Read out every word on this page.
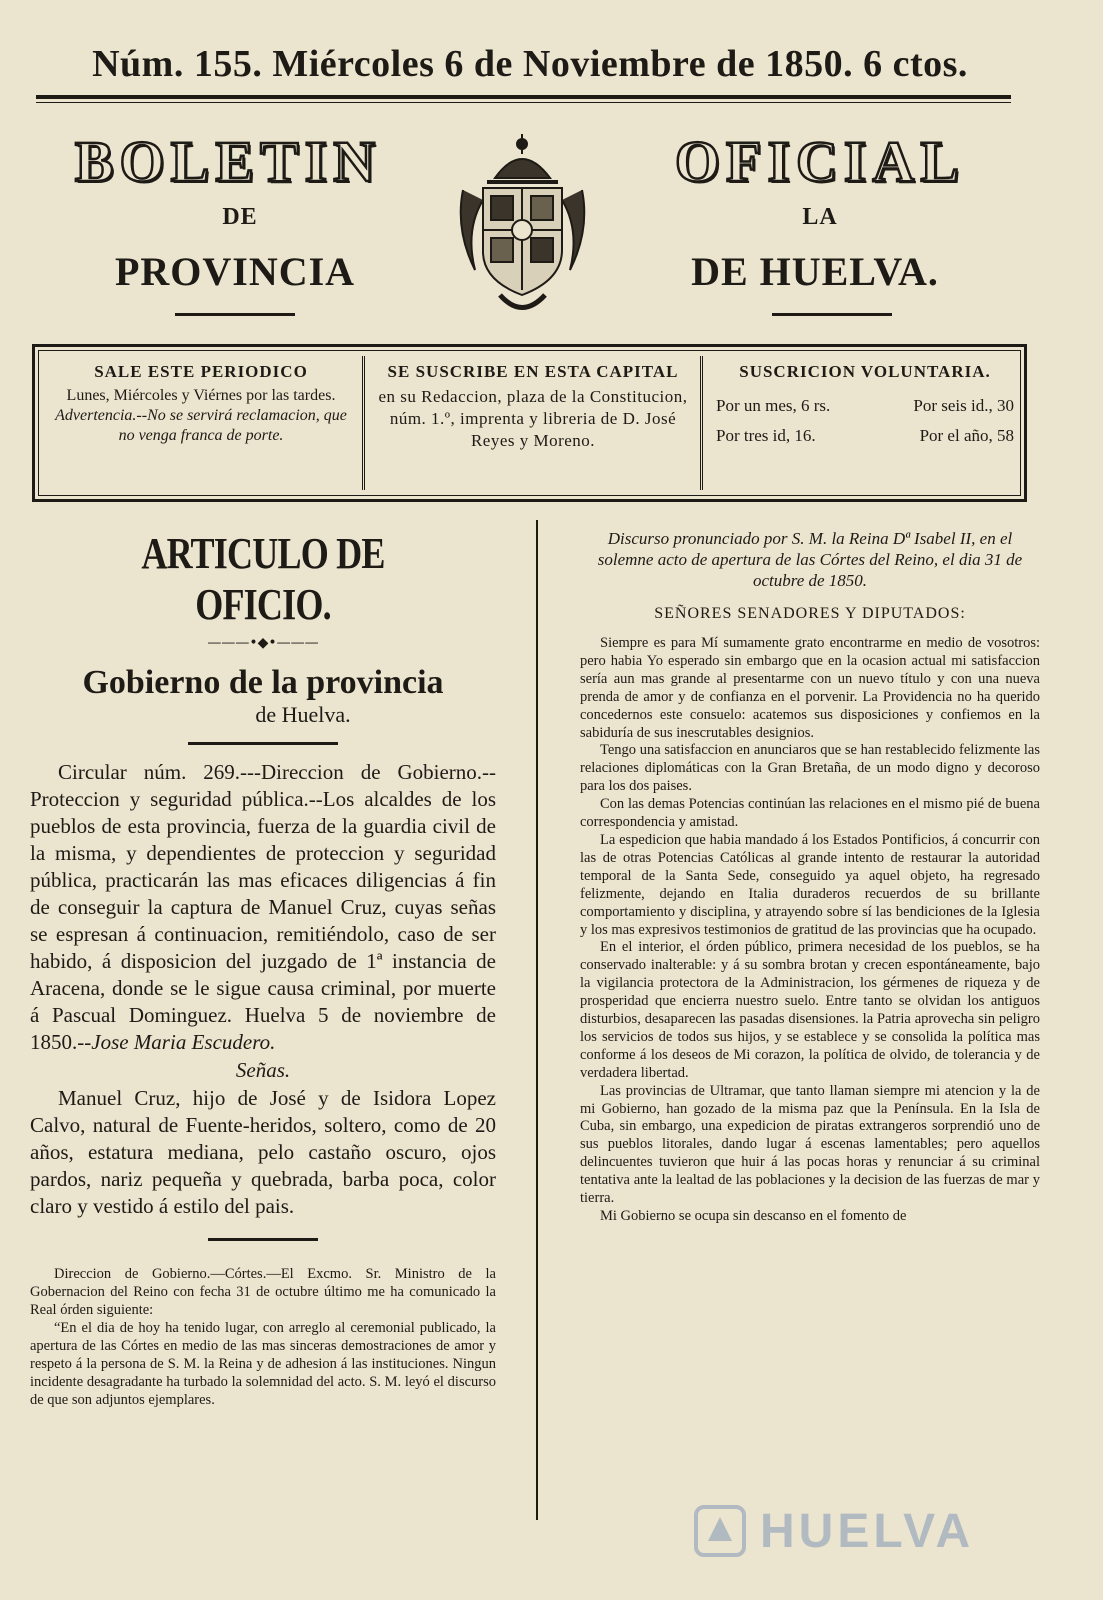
Núm. 155. Miércoles 6 de Noviembre de 1850. 6 ctos.
BOLETIN	OFICIAL
DE	LA
PROVINCIA	DE HUELVA.
SALE ESTE PERIODICO
Lunes, Miércoles y Viérnes por las tardes.
Advertencia.--No se servirá reclamacion, que no venga franca de porte.
SE SUSCRIBE EN ESTA CAPITAL
en su Redaccion, plaza de la Constitucion, núm. 1.º, imprenta y libreria de D. José Reyes y Moreno.
SUSCRICION VOLUNTARIA.
Por un mes, 6 rs.	Por seis id., 30
Por tres id, 16.	Por el año, 58
ARTICULO DE OFICIO.
———•◆•———
Gobierno de la provincia
de Huelva.

Circular núm. 269.---Direccion de Gobierno.--Proteccion y seguridad pública.--Los alcaldes de los pueblos de esta provincia, fuerza de la guardia civil de la misma, y dependientes de proteccion y seguridad pública, practicarán las mas eficaces diligencias á fin de conseguir la captura de Manuel Cruz, cuyas señas se espresan á continuacion, remitiéndolo, caso de ser habido, á disposicion del juzgado de 1ª instancia de Aracena, donde se le sigue causa criminal, por muerte á Pascual Dominguez. Huelva 5 de noviembre de 1850.--Jose Maria Escudero.

Señas.

Manuel Cruz, hijo de José y de Isidora Lopez Calvo, natural de Fuente-heridos, soltero, como de 20 años, estatura mediana, pelo castaño oscuro, ojos pardos, nariz pequeña y quebrada, barba poca, color claro y vestido á estilo del pais.

Direccion de Gobierno.—Córtes.—El Excmo. Sr. Ministro de la Gobernacion del Reino con fecha 31 de octubre último me ha comunicado la Real órden siguiente:

“En el dia de hoy ha tenido lugar, con arreglo al ceremonial publicado, la apertura de las Córtes en medio de las mas sinceras demostraciones de amor y respeto á la persona de S. M. la Reina y de adhesion á las instituciones. Ningun incidente desagradante ha turbado la solemnidad del acto. S. M. leyó el discurso de que son adjuntos ejemplares.

Discurso pronunciado por S. M. la Reina Dª Isabel II, en el solemne acto de apertura de las Córtes del Reino, el dia 31 de octubre de 1850.

SEÑORES SENADORES Y DIPUTADOS:

Siempre es para Mí sumamente grato encontrarme en medio de vosotros: pero habia Yo esperado sin embargo que en la ocasion actual mi satisfaccion sería aun mas grande al presentarme con un nuevo título y con una nueva prenda de amor y de confianza en el porvenir. La Providencia no ha querido concedernos este consuelo: acatemos sus disposiciones y confiemos en la sabiduría de sus inescrutables designios.

Tengo una satisfaccion en anunciaros que se han restablecido felizmente las relaciones diplomáticas con la Gran Bretaña, de un modo digno y decoroso para los dos paises.

Con las demas Potencias continúan las relaciones en el mismo pié de buena correspondencia y amistad.

La espedicion que habia mandado á los Estados Pontificios, á concurrir con las de otras Potencias Católicas al grande intento de restaurar la autoridad temporal de la Santa Sede, conseguido ya aquel objeto, ha regresado felizmente, dejando en Italia duraderos recuerdos de su brillante comportamiento y disciplina, y atrayendo sobre sí las bendiciones de la Iglesia y los mas expresivos testimonios de gratitud de las provincias que ha ocupado.

En el interior, el órden público, primera necesidad de los pueblos, se ha conservado inalterable: y á su sombra brotan y crecen espontáneamente, bajo la vigilancia protectora de la Administracion, los gérmenes de riqueza y de prosperidad que encierra nuestro suelo. Entre tanto se olvidan los antiguos disturbios, desaparecen las pasadas disensiones. la Patria aprovecha sin peligro los servicios de todos sus hijos, y se establece y se consolida la política mas conforme á los deseos de Mi corazon, la política de olvido, de tolerancia y de verdadera libertad.

Las provincias de Ultramar, que tanto llaman siempre mi atencion y la de mi Gobierno, han gozado de la misma paz que la Península. En la Isla de Cuba, sin embargo, una expedicion de piratas extrangeros sorprendió uno de sus pueblos litorales, dando lugar á escenas lamentables; pero aquellos delincuentes tuvieron que huir á las pocas horas y renunciar á su criminal tentativa ante la lealtad de las poblaciones y la decision de las fuerzas de mar y tierra.

Mi Gobierno se ocupa sin descanso en el fomento de

HUELVA
